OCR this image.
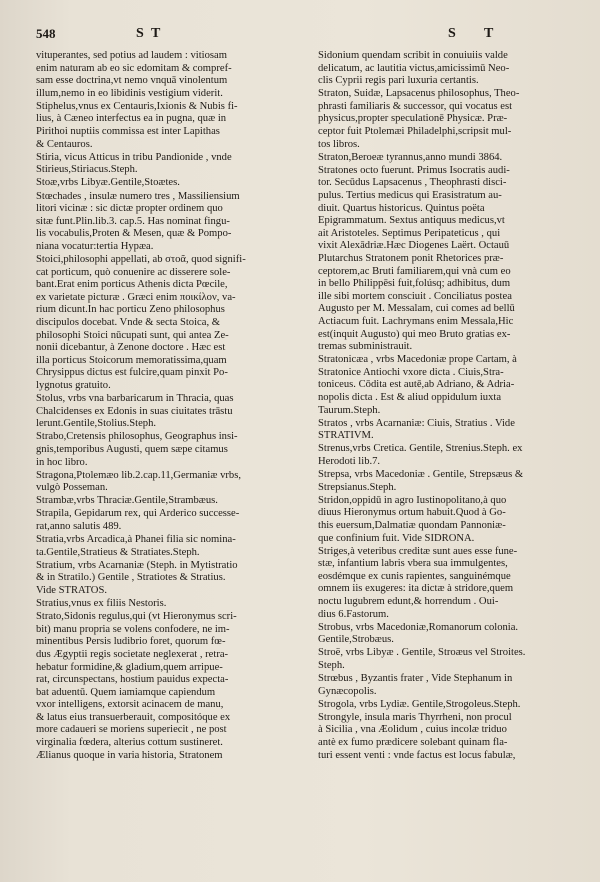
548	S T	S T
vituperantes, sed potius ad laudem : vitiosam
enim naturam ab eo sic edomitam & compref-
sam esse doctrina,vt nemo vnquā vinolentum
illum,nemo in eo libidinis vestigium viderit.
Stiphelus,vnus ex Centauris,Ixionis & Nubis fi-
lius, à Cæneo interfectus ea in pugna, quæ in
Pirithoi nuptiis commissa est inter Lapithas
& Centauros.
Stiria, vicus Atticus in tribu Pandionide , vnde
Stirieus,Stiriacus.Steph.
Stoæ,vrbs Libyæ.Gentile,Stoætes.
Stœchades , insulæ numero tres , Massiliensium
litori vicinæ : sic dictæ propter ordinem quo
sitæ funt.Plin.lib.3. cap.5. Has nominat fingu-
lis vocabulis,Proten & Mesen, quæ & Pompo-
niana vocatur:tertia Hypæa.
Stoici,philosophi appellati, ab στοᾶ, quod signifi-
cat porticum, quò conuenire ac disserere sole-
bant.Erat enim porticus Athenis dicta Pœcile,
ex varietate picturæ . Græci enim ποικίλον, va-
rium dicunt.In hac porticu Zeno philosophus
discipulos docebat. Vnde & secta Stoica, &
philosophi Stoici nūcupati sunt, qui antea Ze-
nonii dicebantur, à Zenone doctore . Hæc est
illa porticus Stoicorum memoratissima,quam
Chrysippus dictus est fulcire,quam pinxit Po-
lygnotus gratuito.
Stolus, vrbs vna barbaricarum in Thracia, quas
Chalcidenses ex Edonis in suas ciuitates trāstu
lerunt.Gentile,Stolius.Steph.
Strabo,Cretensis philosophus, Geographus insi-
gnis,temporibus Augusti, quem sæpe citamus
in hoc libro.
Stragona,Ptolemæo lib.2.cap.11,Germaniæ vrbs,
vulgò Posseman.
Strambæ,vrbs Thraciæ.Gentile,Strambæus.
Strapila, Gepidarum rex, qui Arderico successe-
rat,anno salutis 489.
Stratia,vrbs Arcadica,à Phanei filia sic nomina-
ta.Gentile,Stratieus & Stratiates.Steph.
Stratium, vrbs Acarnaniæ (Steph. in Mytistratio
& in Stratilo.) Gentile , Stratiotes & Stratius.
Vide STRATOS.
Stratius,vnus ex filiis Nestoris.
Strato,Sidonis regulus,qui (vt Hieronymus scri-
bit) manu propria se volens confodere, ne im-
minentibus Persis ludibrio foret, quorum fœ-
dus Ægyptii regis societate neglexerat , retra-
hebatur formidine,& gladium,quem arripue-
rat, circunspectans, hostium pauidus expecta-
bat aduentū. Quem iamiamque capiendum
vxor intelligens, extorsit acinacem de manu,
& latus eius transuerberauit, compositóque ex
more cadaueri se moriens superiecit , ne post
virginalia fœdera, alterius cottum sustineret.
Ælianus quoque in varia historia, Stratonem
Sidonium quendam scribit in conuiuiis valde
delicatum, ac lautitia victus,amicissimū Neo-
clis Cyprii regis pari luxuria certantis.
Straton, Suidæ, Lapsacenus philosophus, Theo-
phrasti familiaris & successor, qui vocatus est
physicus,propter speculationē Physicæ. Præ-
ceptor fuit Ptolemæi Philadelphi,scripsit mul-
tos libros.
Straton,Beroeæ tyrannus,anno mundi 3864.
Stratones octo fuerunt. Primus Isocratis audi-
tor. Secūdus Lapsacenus , Theophrasti disci-
pulus. Tertius medicus qui Erasistratum au-
diuit. Quartus historicus. Quintus poëta
Epigrammatum. Sextus antiquus medicus,vt
ait Aristoteles. Septimus Peripateticus , qui
vixit Alexādriæ.Hæc Diogenes Laërt. Octauū
Plutarchus Stratonem ponit Rhetorices præ-
ceptorem,ac Bruti familiarem,qui vnà cum eo
in bello Philippēsi fuit,folúsq; adhibitus, dum
ille sibi mortem consciuit . Conciliatus postea
Augusto per M. Messalam, cui comes ad bellū
Actiacum fuit. Lachrymans enim Messala,Hic
est(inquit Augusto) qui meo Bruto gratias ex-
tremas subministrauit.
Stratonicæa , vrbs Macedoniæ prope Cartam, à
Stratonice Antiochi vxore dicta . Ciuis,Stra-
toniceus. Cōdita est autē,ab Adriano, & Adria-
nopolis dicta . Est & aliud oppidulum iuxta
Taurum.Steph.
Stratos , vrbs Acarnaniæ: Ciuis, Stratius . Vide
STRATIVM.
Strenus,vrbs Cretica. Gentile, Strenius.Steph. ex
Herodoti lib.7.
Strepsa, vrbs Macedoniæ . Gentile, Strepsæus &
Strepsianus.Steph.
Stridon,oppidū in agro Iustinopolitano,à quo
diuus Hieronymus ortum habuit.Quod à Go-
this euersum,Dalmatiæ quondam Pannoniæ-
que confinium fuit. Vide SIDRONA.
Striges,à veteribus creditæ sunt aues esse fune-
stæ, infantium labris vbera sua immulgentes,
eosdémque ex cunis rapientes, sanguinémque
omnem iis exugeres: ita dictæ à stridore,quem
noctu lugubrem edunt,& horrendum . Oui-
dius 6.Fastorum.
Strobus, vrbs Macedoniæ,Romanorum colonia.
Gentile,Strobæus.
Stroë, vrbs Libyæ . Gentile, Stroæus vel Stroites.
Steph.
Strœbus , Byzantis frater , Vide Stephanum in
Gynæcopolis.
Strogola, vrbs Lydiæ. Gentile,Strogoleus.Steph.
Strongyle, insula maris Thyrrheni, non procul
à Sicilia , vna Æolidum , cuius incolæ triduo
antè ex fumo prædicere solebant quinam fla-
turi essent venti : vnde factus est locus fabulæ,
